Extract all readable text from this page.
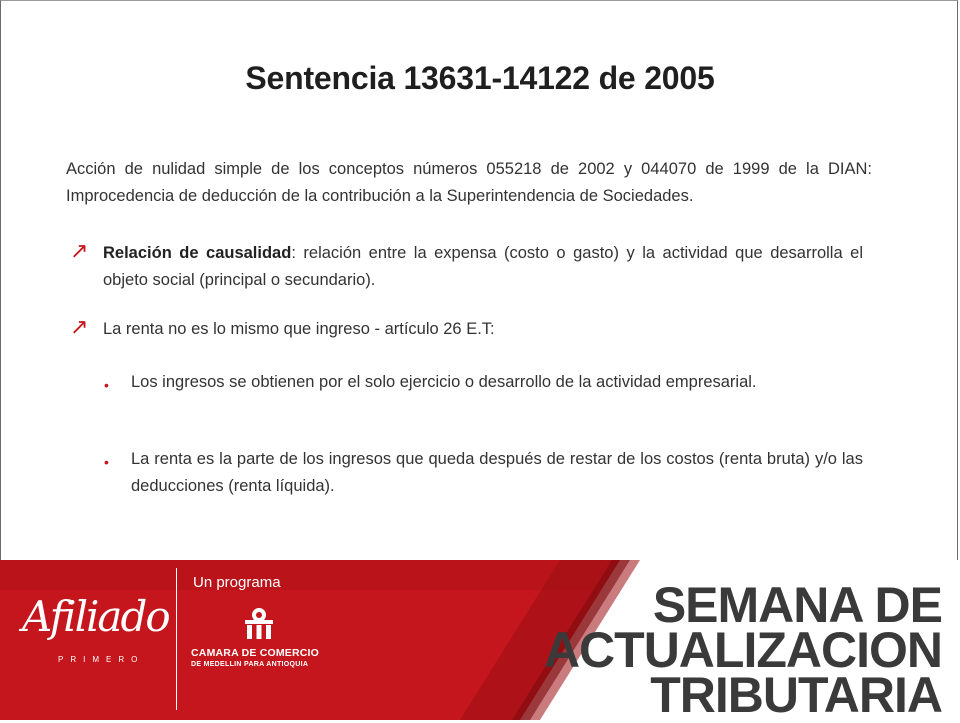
Sentencia 13631-14122 de 2005
Acción de nulidad simple de los conceptos números 055218 de 2002 y 044070 de 1999 de la DIAN: Improcedencia de deducción de la contribución a la Superintendencia de Sociedades.
↗ Relación de causalidad: relación entre la expensa (costo o gasto) y la actividad que desarrolla el objeto social (principal o secundario).
↗ La renta no es lo mismo que ingreso - artículo 26 E.T:
• Los ingresos se obtienen por el solo ejercicio o desarrollo de la actividad empresarial.
• La renta es la parte de los ingresos que queda después de restar de los costos (renta bruta) y/o las deducciones (renta líquida).
Afiliado
PRIMERO
Un programa
CAMARA DE COMERCIO
DE MEDELLIN PARA ANTIOQUIA
SEMANA DE
ACTUALIZACION
TRIBUTARIA
